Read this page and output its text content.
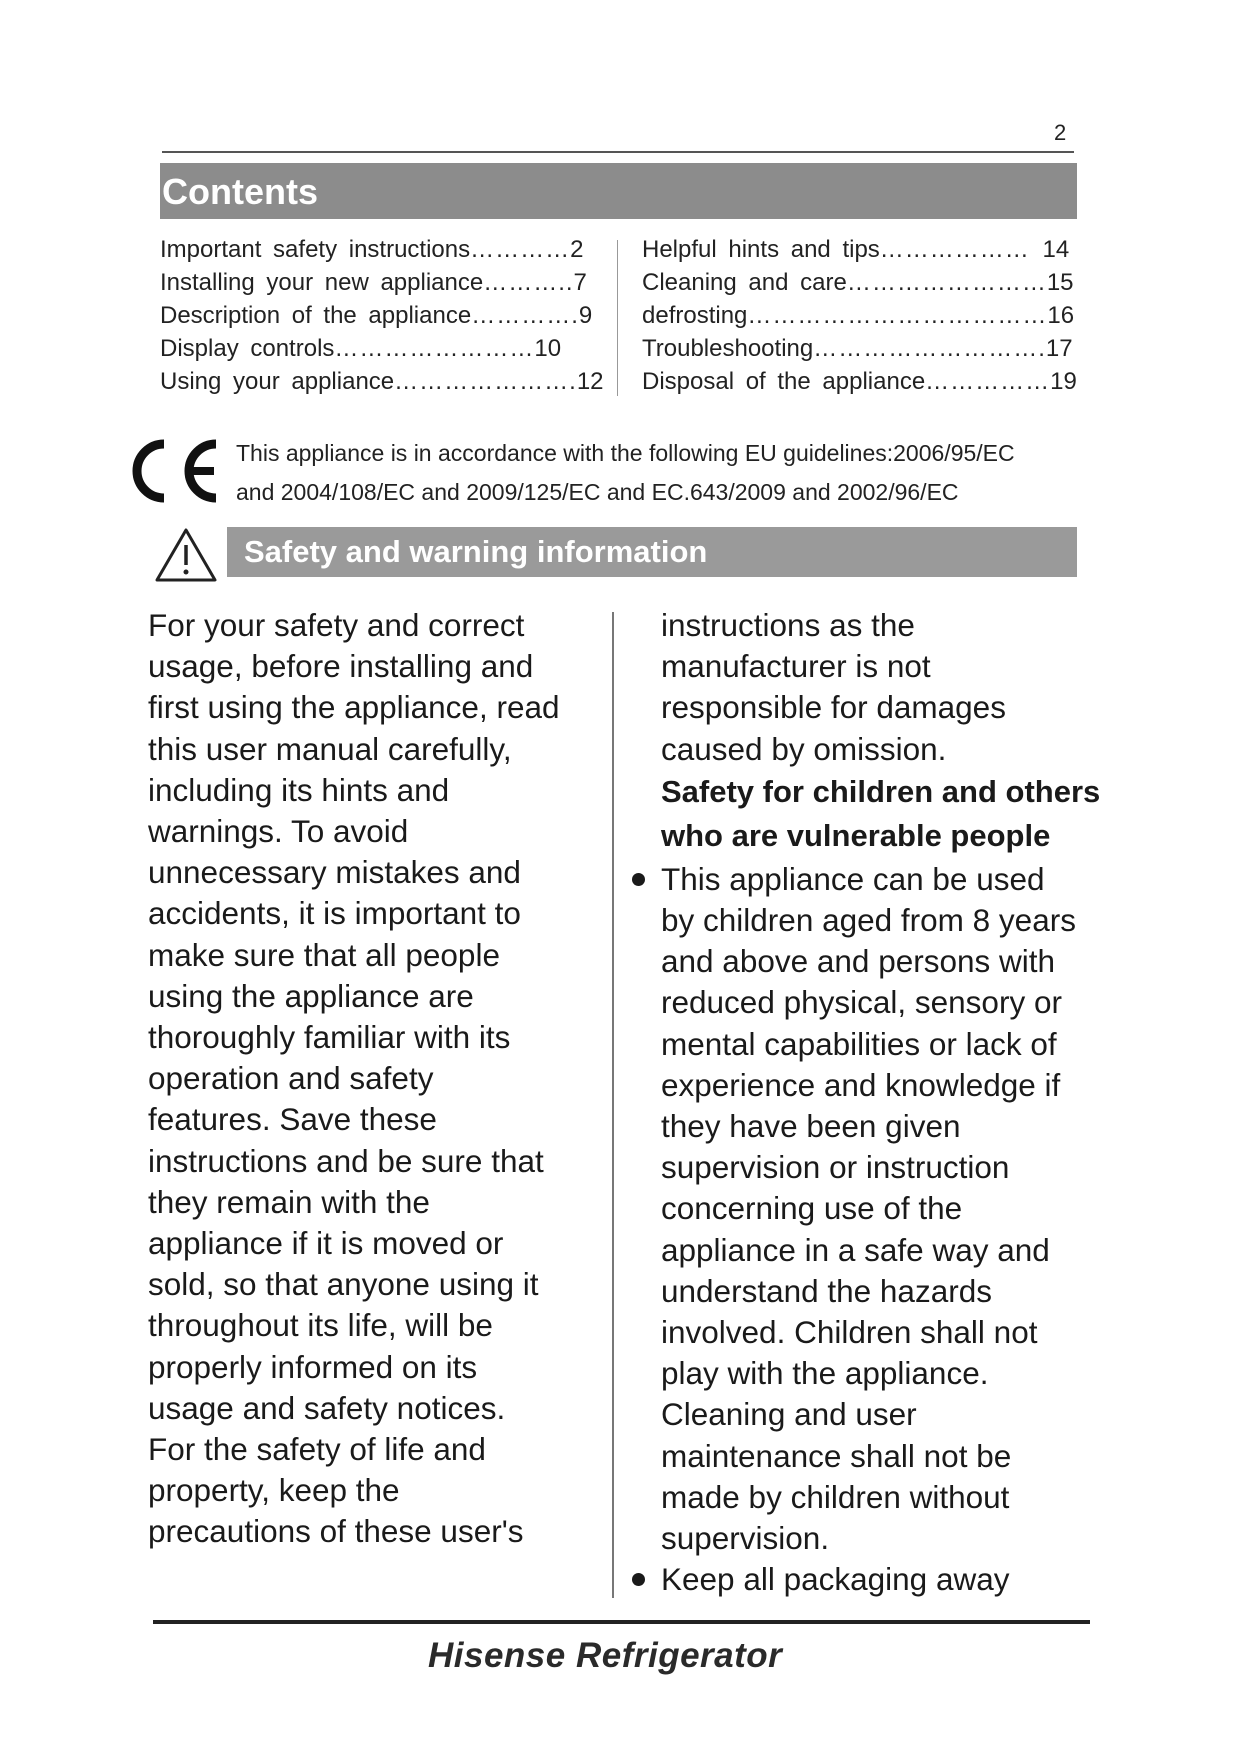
2
Contents
Important safety instructions…………2
Installing your new appliance………..7
Description of the appliance………….9
Display controls……………………10
Using your appliance………………….12
Helpful hints and tips……………… 14
Cleaning and care……………………15
defrosting………………………………16
Troubleshooting……………………….17
Disposal of the appliance……………19
This appliance is in accordance with the following EU guidelines:2006/95/EC
and 2004/108/EC and 2009/125/EC and EC.643/2009 and 2002/96/EC
Safety and warning information
For your safety and correct
usage, before installing and
first using the appliance, read
this user manual carefully,
including its hints and
warnings. To avoid
unnecessary mistakes and
accidents, it is important to
make sure that all people
using the appliance are
thoroughly familiar with its
operation and safety
features. Save these
instructions and be sure that
they remain with the
appliance if it is moved or
sold, so that anyone using it
throughout its life, will be
properly informed on its
usage and safety notices.
For the safety of life and
property, keep the
precautions of these user's
instructions as the
manufacturer is not
responsible for damages
caused by omission.
Safety for children and others
who are vulnerable people
This appliance can be used
by children aged from 8 years
and above and persons with
reduced physical, sensory or
mental capabilities or lack of
experience and knowledge if
they have been given
supervision or instruction
concerning use of the
appliance in a safe way and
understand the hazards
involved. Children shall not
play with the appliance.
Cleaning and user
maintenance shall not be
made by children without
supervision.
Keep all packaging away
Hisense Refrigerator
